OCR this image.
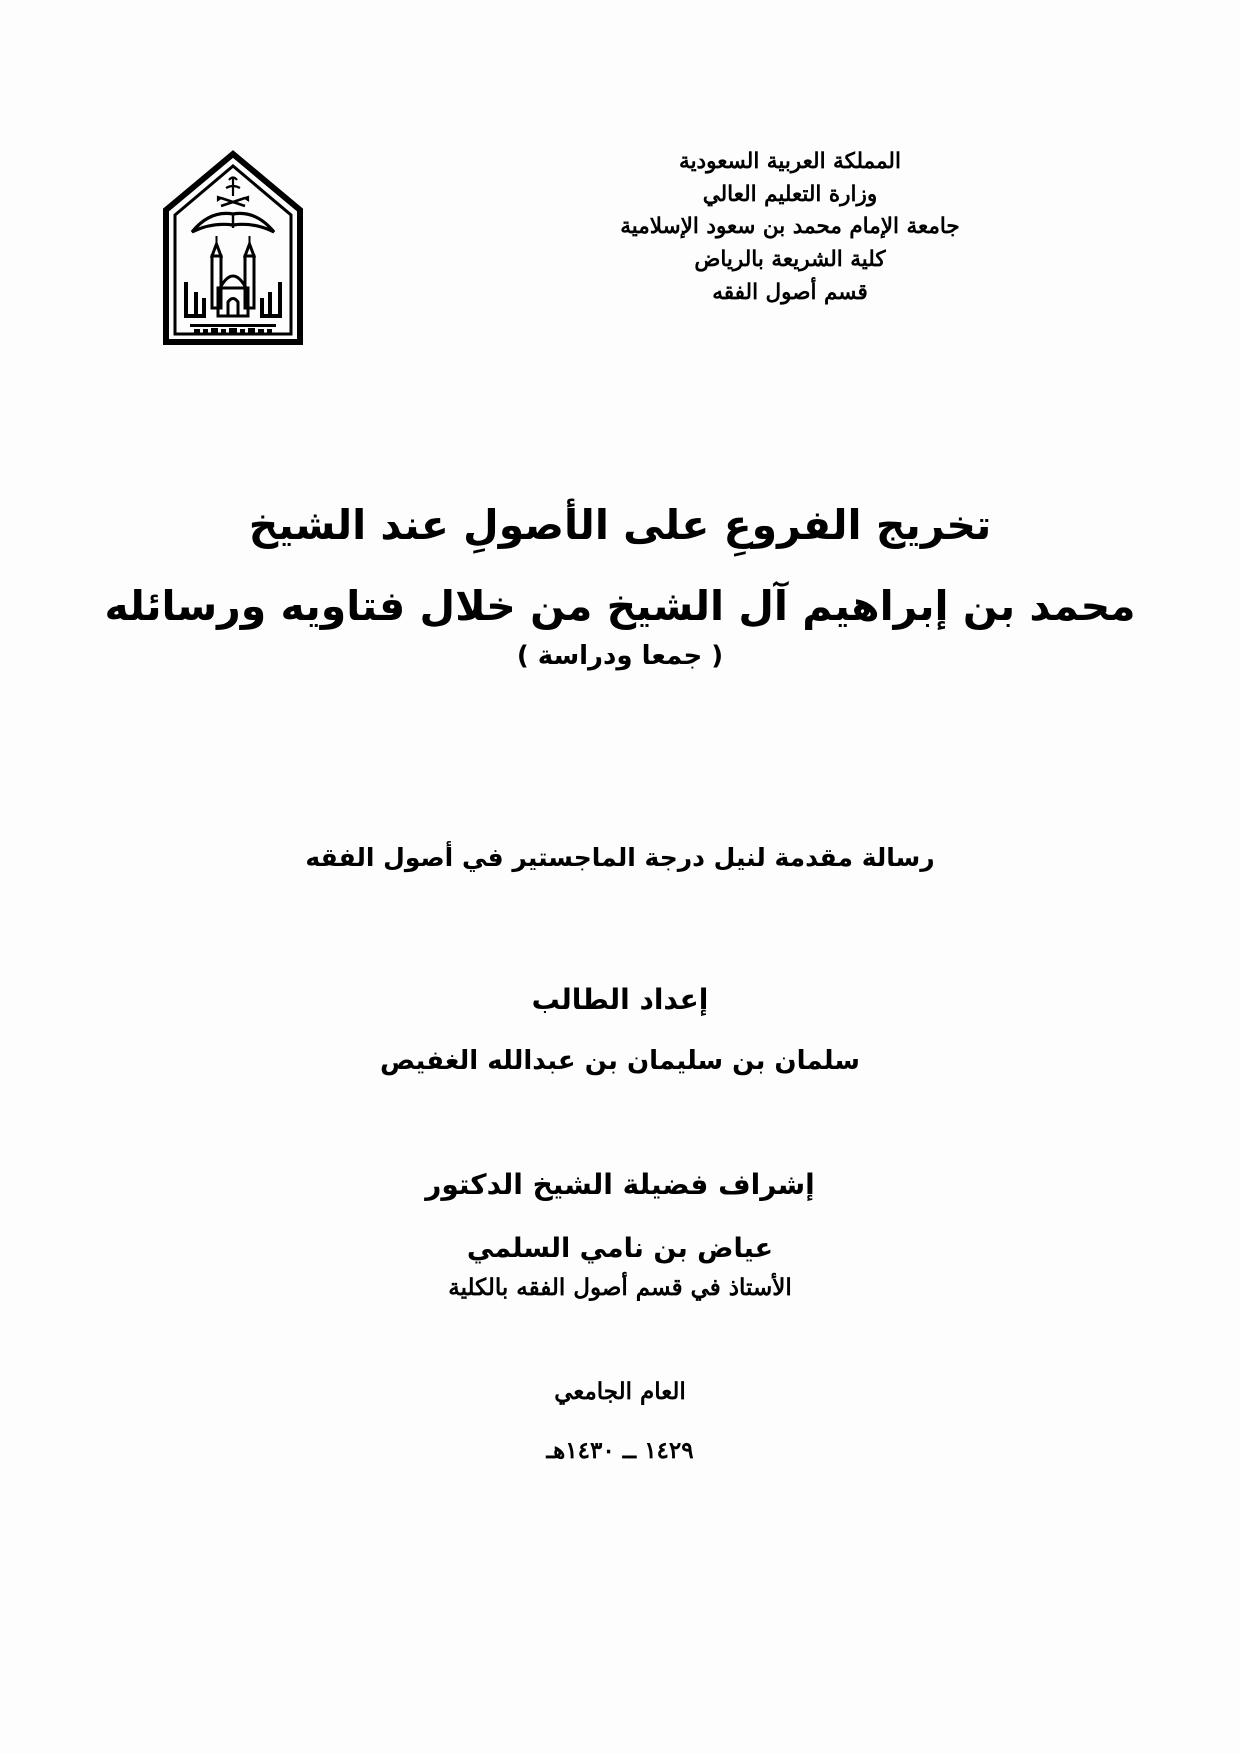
المملكة العربية السعودية
وزارة التعليم العالي
جامعة الإمام محمد بن سعود الإسلامية
كلية الشريعة بالرياض
قسم أصول الفقه
تخريج الفروعِ على الأصولِ عند الشيخ
محمد بن إبراهيم آل الشيخ من خلال فتاويه ورسائله
( جمعا ودراسة )
رسالة مقدمة لنيل درجة الماجستير في أصول الفقه
إعداد الطالب
سلمان بن سليمان بن عبدالله الغفيص
إشراف فضيلة الشيخ الدكتور
عياض بن نامي السلمي
الأستاذ في قسم أصول الفقه بالكلية
العام الجامعي
١٤٢٩ ــ ١٤٣٠هـ
